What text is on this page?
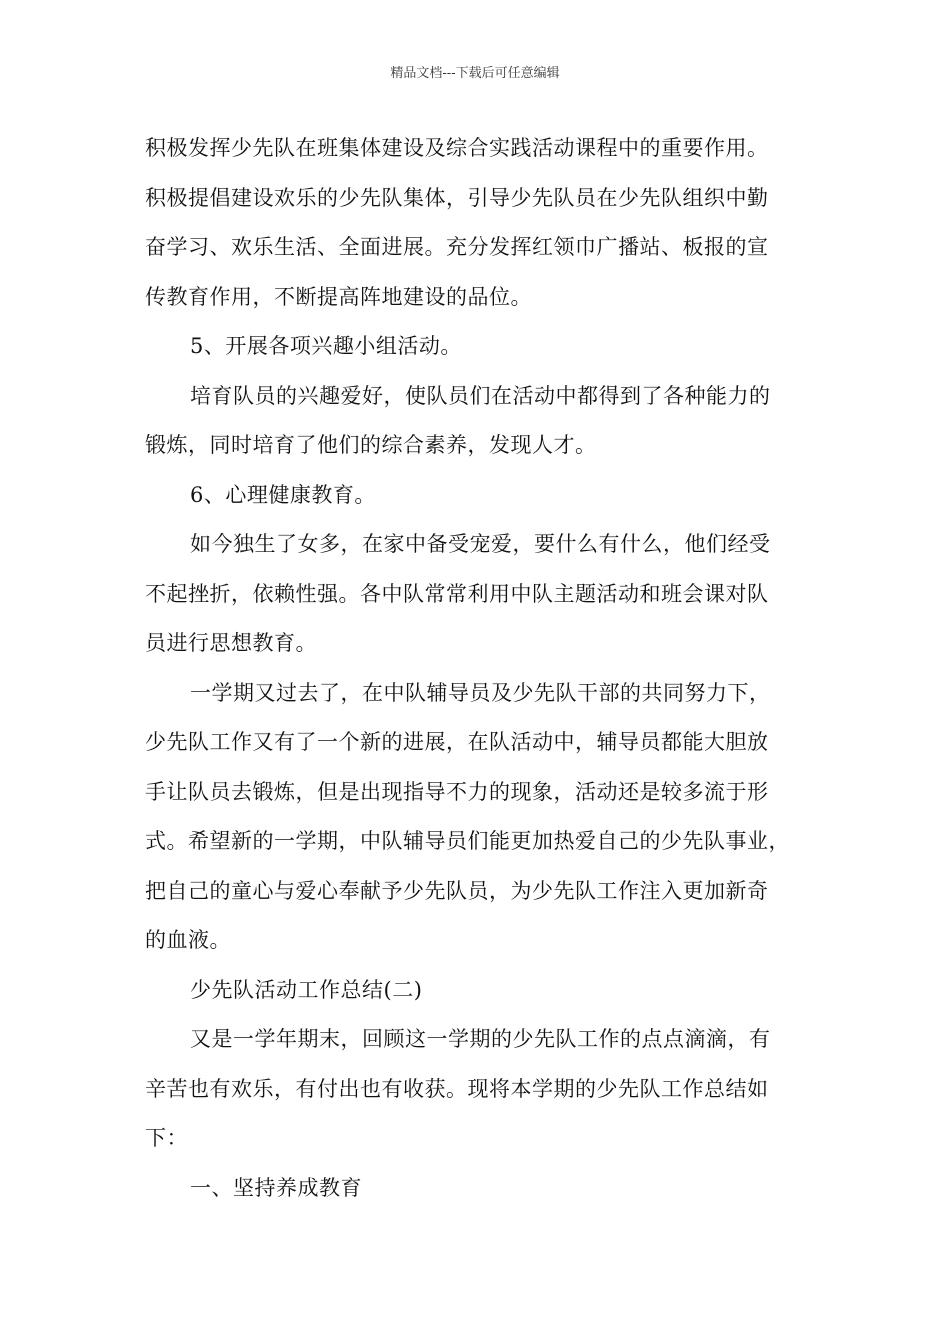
精品文档---下载后可任意编辑
积极发挥少先队在班集体建设及综合实践活动课程中的重要作用。
积极提倡建设欢乐的少先队集体，引导少先队员在少先队组织中勤
奋学习、欢乐生活、全面进展。充分发挥红领巾广播站、板报的宣
传教育作用，不断提高阵地建设的品位。
5、开展各项兴趣小组活动。
培育队员的兴趣爱好，使队员们在活动中都得到了各种能力的
锻炼，同时培育了他们的综合素养，发现人才。
6、心理健康教育。
如今独生了女多，在家中备受宠爱，要什么有什么，他们经受
不起挫折，依赖性强。各中队常常利用中队主题活动和班会课对队
员进行思想教育。
一学期又过去了，在中队辅导员及少先队干部的共同努力下，
少先队工作又有了一个新的进展，在队活动中，辅导员都能大胆放
手让队员去锻炼，但是出现指导不力的现象，活动还是较多流于形
式。希望新的一学期，中队辅导员们能更加热爱自己的少先队事业，
把自己的童心与爱心奉献予少先队员，为少先队工作注入更加新奇
的血液。
少先队活动工作总结(二)
又是一学年期末，回顾这一学期的少先队工作的点点滴滴，有
辛苦也有欢乐，有付出也有收获。现将本学期的少先队工作总结如
下：
一、坚持养成教育
